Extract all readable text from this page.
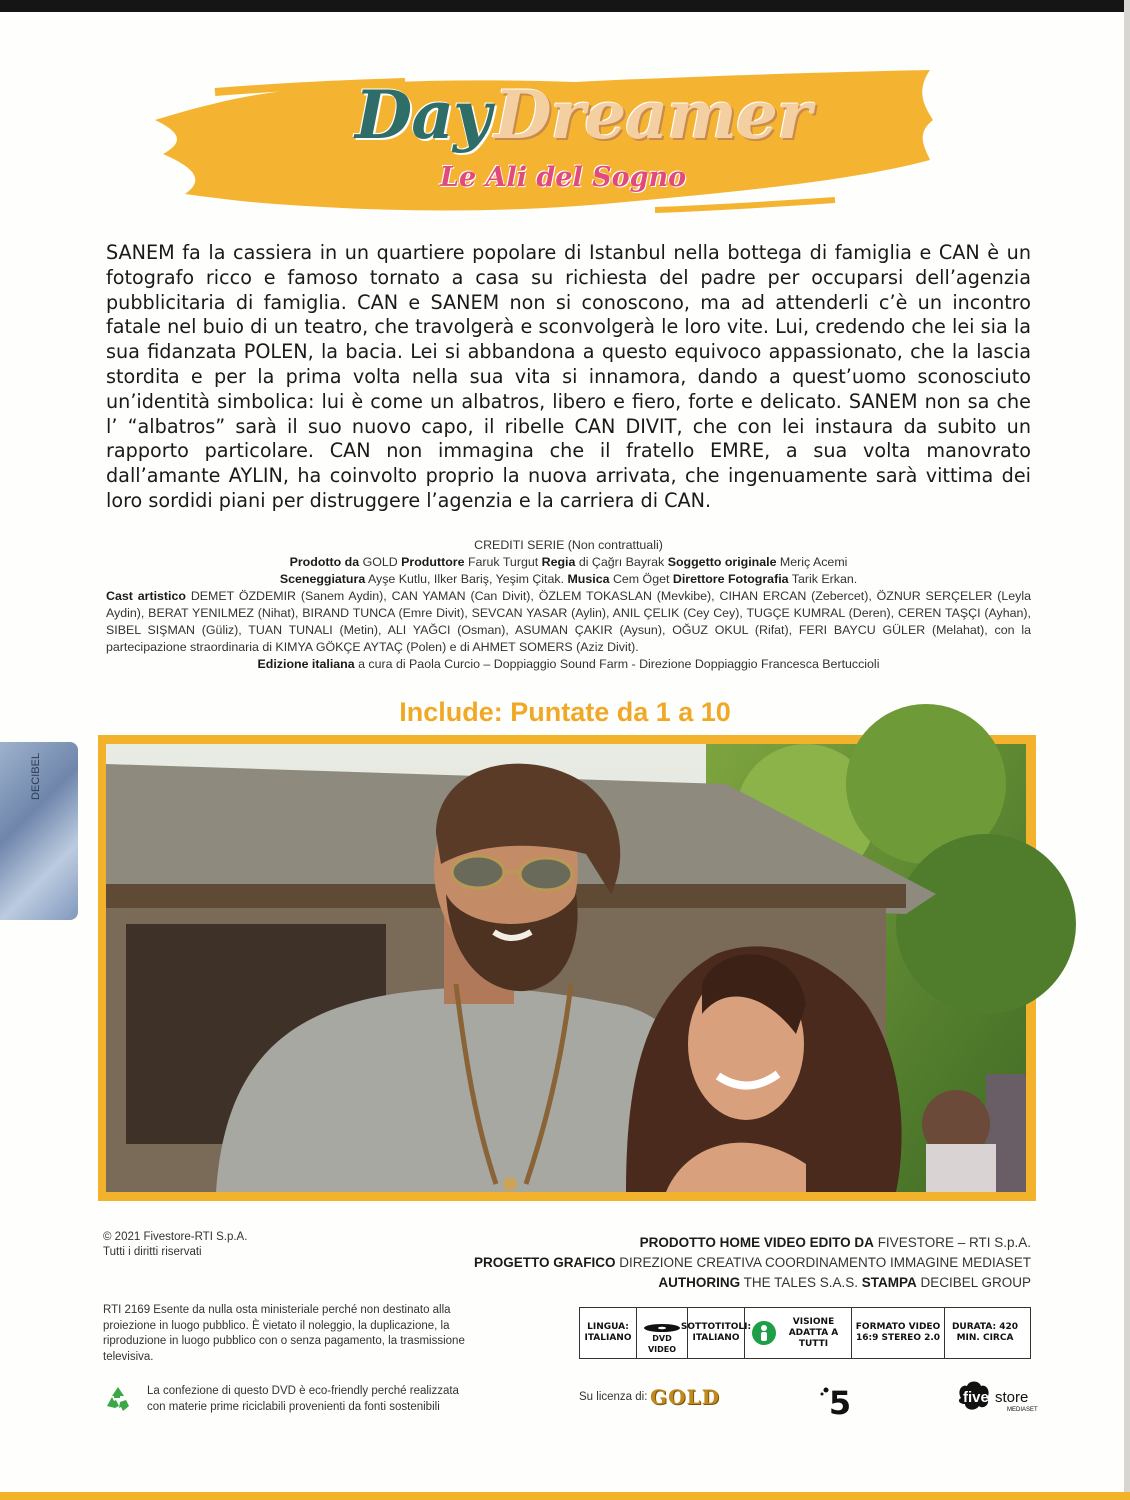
DayDreamer
Le Ali del Sogno
SANEM fa la cassiera in un quartiere popolare di Istanbul nella bottega di famiglia e CAN è un fotografo ricco e famoso tornato a casa su richiesta del padre per occuparsi dell’agenzia pubblicitaria di famiglia. CAN e SANEM non si conoscono, ma ad attenderli c’è un incontro fatale nel buio di un teatro, che travolgerà e sconvolgerà le loro vite. Lui, credendo che lei sia la sua fidanzata POLEN, la bacia. Lei si abbandona a questo equivoco appassionato, che la lascia stordita e per la prima volta nella sua vita si innamora, dando a quest’uomo sconosciuto un’identità simbolica: lui è come un albatros, libero e fiero, forte e delicato. SANEM non sa che l’ “albatros” sarà il suo nuovo capo, il ribelle CAN DIVIT, che con lei instaura da subito un rapporto particolare. CAN non immagina che il fratello EMRE, a sua volta manovrato dall’amante AYLIN, ha coinvolto proprio la nuova arrivata, che ingenuamente sarà vittima dei loro sordidi piani per distruggere l’agenzia e la carriera di CAN.
CREDITI SERIE (Non contrattuali)
Prodotto da GOLD Produttore Faruk Turgut Regia di Çağrı Bayrak Soggetto originale Meriç Acemi
Sceneggiatura Ayşe Kutlu, Ilker Bariş, Yeşim Çitak. Musica Cem Öget Direttore Fotografia Tarik Erkan.
Cast artistico DEMET ÖZDEMIR (Sanem Aydin), CAN YAMAN (Can Divit), ÖZLEM TOKASLAN (Mevkibe), CIHAN ERCAN (Zebercet), ÖZNUR SERÇELER (Leyla Aydin), BERAT YENILMEZ (Nihat), BIRAND TUNCA (Emre Divit), SEVCAN YASAR (Aylin), ANIL ÇELIK (Cey Cey), TUGÇE KUMRAL (Deren), CEREN TAŞÇI (Ayhan), SIBEL SIŞMAN (Güliz), TUAN TUNALI (Metin), ALI YAĞCI (Osman), ASUMAN ÇAKIR (Aysun), OĞUZ OKUL (Rifat), FERI BAYCU GÜLER (Melahat), con la partecipazione straordinaria di KIMYA GÖKÇE AYTAÇ (Polen) e di AHMET SOMERS (Aziz Divit).
Edizione italiana a cura di Paola Curcio – Doppiaggio Sound Farm - Direzione Doppiaggio Francesca Bertuccioli
Include: Puntate da 1 a 10
DECIBEL
© 2021 Fivestore-RTI S.p.A.
Tutti i diritti riservati
PRODOTTO HOME VIDEO EDITO DA FIVESTORE – RTI S.p.A.
PROGETTO GRAFICO DIREZIONE CREATIVA COORDINAMENTO IMMAGINE MEDIASET
AUTHORING THE TALES S.A.S. STAMPA DECIBEL GROUP
RTI 2169 Esente da nulla osta ministeriale perché non destinato alla proiezione in luogo pubblico. È vietato il noleggio, la duplicazione, la riproduzione in luogo pubblico con o senza pagamento, la trasmissione televisiva.
LINGUA: ITALIANO	DVD VIDEO
SOTTOTITOLI: ITALIANO
VISIONE ADATTA A TUTTI
FORMATO VIDEO 16:9 STEREO 2.0
DURATA: 420 MIN. CIRCA
La confezione di questo DVD è eco-friendly perché realizzata con materie prime riciclabili provenienti da fonti sostenibili
Su licenza di: GOLD	5	five store
MEDIASET
